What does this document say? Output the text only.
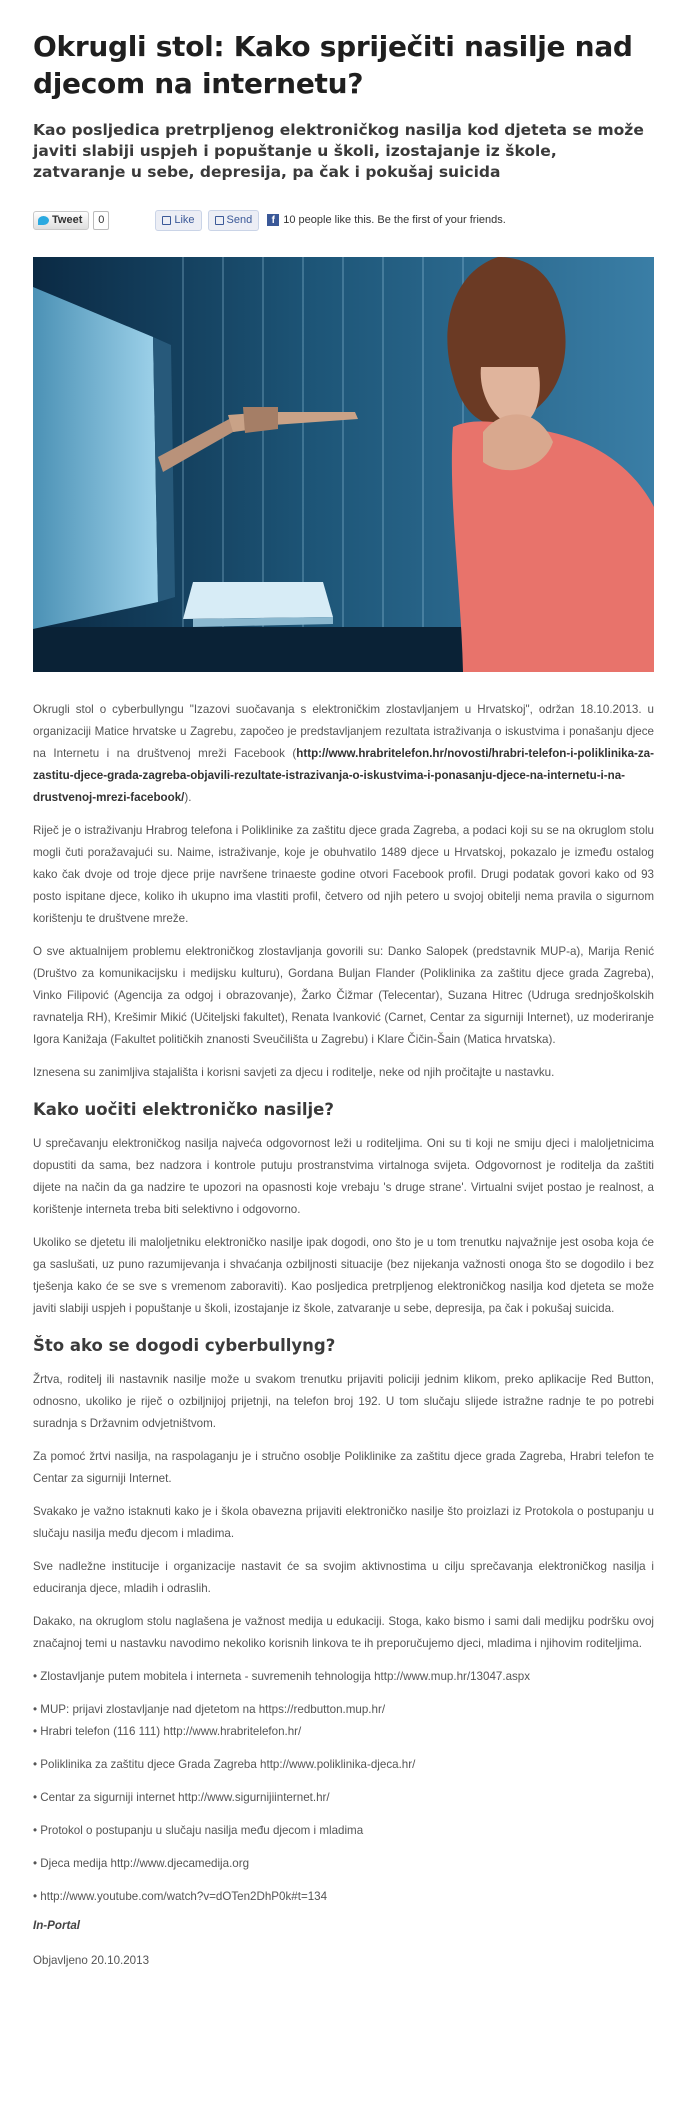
Okrugli stol: Kako spriječiti nasilje nad djecom na internetu?
Kao posljedica pretrpljenog elektroničkog nasilja kod djeteta se može javiti slabiji uspjeh i popuštanje u školi, izostajanje iz škole, zatvaranje u sebe, depresija, pa čak i pokušaj suicida
Tweet	0	Like	Send	f 10 people like this. Be the first of your friends.

Okrugli stol o cyberbullyngu "Izazovi suočavanja s elektroničkim zlostavljanjem u Hrvatskoj", održan 18.10.2013. u organizaciji Matice hrvatske u Zagrebu, započeo je predstavljanjem rezultata istraživanja o iskustvima i ponašanju djece na Internetu i na društvenoj mreži Facebook (http://www.hrabritelefon.hr/novosti/hrabri-telefon-i-poliklinika-za-zastitu-djece-grada-zagreba-objavili-rezultate-istrazivanja-o-iskustvima-i-ponasanju-djece-na-internetu-i-na-drustvenoj-mrezi-facebook/).

Riječ je o istraživanju Hrabrog telefona i Poliklinike za zaštitu djece grada Zagreba, a podaci koji su se na okruglom stolu mogli čuti poražavajući su. Naime, istraživanje, koje je obuhvatilo 1489 djece u Hrvatskoj, pokazalo je između ostalog kako čak dvoje od troje djece prije navršene trinaeste godine otvori Facebook profil. Drugi podatak govori kako od 93 posto ispitane djece, koliko ih ukupno ima vlastiti profil, četvero od njih petero u svojoj obitelji nema pravila o sigurnom korištenju te društvene mreže.

O sve aktualnijem problemu elektroničkog zlostavljanja govorili su: Danko Salopek (predstavnik MUP-a), Marija Renić (Društvo za komunikacijsku i medijsku kulturu), Gordana Buljan Flander (Poliklinika za zaštitu djece grada Zagreba), Vinko Filipović (Agencija za odgoj i obrazovanje), Žarko Čižmar (Telecentar), Suzana Hitrec (Udruga srednjoškolskih ravnatelja RH), Krešimir Mikić (Učiteljski fakultet), Renata Ivanković (Carnet, Centar za sigurniji Internet), uz moderiranje Igora Kanižaja (Fakultet političkih znanosti Sveučilišta u Zagrebu) i Klare Čičin-Šain (Matica hrvatska).

Iznesena su zanimljiva stajališta i korisni savjeti za djecu i roditelje, neke od njih pročitajte u nastavku.

Kako uočiti elektroničko nasilje?

U sprečavanju elektroničkog nasilja najveća odgovornost leži u roditeljima. Oni su ti koji ne smiju djeci i maloljetnicima dopustiti da sama, bez nadzora i kontrole putuju prostranstvima virtalnoga svijeta. Odgovornost je roditelja da zaštiti dijete na način da ga nadzire te upozori na opasnosti koje vrebaju 's druge strane'. Virtualni svijet postao je realnost, a korištenje interneta treba biti selektivno i odgovorno.

Ukoliko se djetetu ili maloljetniku elektroničko nasilje ipak dogodi, ono što je u tom trenutku najvažnije jest osoba koja će ga saslušati, uz puno razumijevanja i shvaćanja ozbiljnosti situacije (bez nijekanja važnosti onoga što se dogodilo i bez tješenja kako će se sve s vremenom zaboraviti). Kao posljedica pretrpljenog elektroničkog nasilja kod djeteta se može javiti slabiji uspjeh i popuštanje u školi, izostajanje iz škole, zatvaranje u sebe, depresija, pa čak i pokušaj suicida.

Što ako se dogodi cyberbullyng?

Žrtva, roditelj ili nastavnik nasilje može u svakom trenutku prijaviti policiji jednim klikom, preko aplikacije Red Button, odnosno, ukoliko je riječ o ozbiljnijoj prijetnji, na telefon broj 192. U tom slučaju slijede istražne radnje te po potrebi suradnja s Državnim odvjetništvom.

Za pomoć žrtvi nasilja, na raspolaganju je i stručno osoblje Poliklinike za zaštitu djece grada Zagreba, Hrabri telefon te Centar za sigurniji Internet.

Svakako je važno istaknuti kako je i škola obavezna prijaviti elektroničko nasilje što proizlazi iz Protokola o postupanju u slučaju nasilja među djecom i mladima.

Sve nadležne institucije i organizacije nastavit će sa svojim aktivnostima u cilju sprečavanja elektroničkog nasilja i educiranja djece, mladih i odraslih.

Dakako, na okruglom stolu naglašena je važnost medija u edukaciji. Stoga, kako bismo i sami dali medijku podršku ovoj značajnoj temi u nastavku navodimo nekoliko korisnih linkova te ih preporučujemo djeci, mladima i njihovim roditeljima.

• Zlostavljanje putem mobitela i interneta - suvremenih tehnologija http://www.mup.hr/13047.aspx

• MUP: prijavi zlostavljanje nad djetetom na https://redbutton.mup.hr/

• Hrabri telefon (116 111) http://www.hrabritelefon.hr/

• Poliklinika za zaštitu djece Grada Zagreba http://www.poliklinika-djeca.hr/

• Centar za sigurniji internet http://www.sigurnijiinternet.hr/

• Protokol o postupanju u slučaju nasilja među djecom i mladima

• Djeca medija http://www.djecamedija.org

• http://www.youtube.com/watch?v=dOTen2DhP0k#t=134

In-Portal
Objavljeno 20.10.2013
